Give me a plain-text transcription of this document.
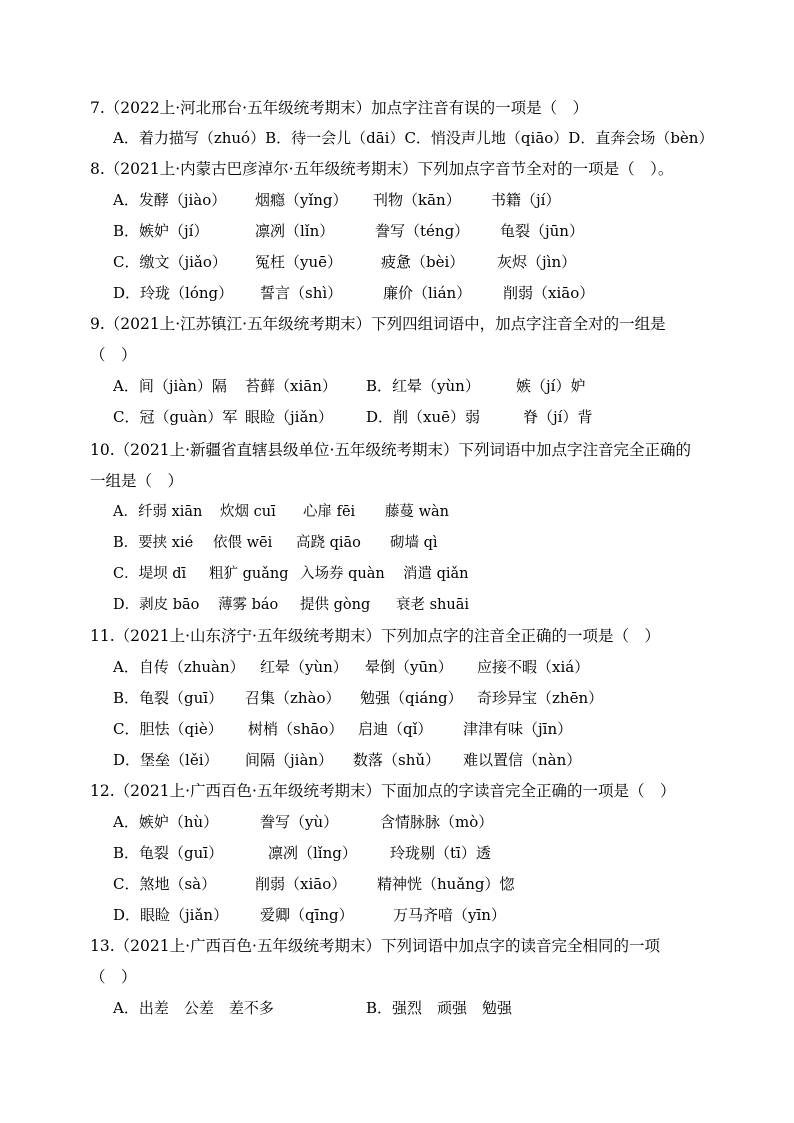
7.（2022上·河北邢台·五年级统考期末）加点字注音有误的一项是（　）
A．着力描写（zhuó）B．待一会儿（dāi）C．悄没声儿地（qiāo）D．直奔会场（bèn）
8.（2021上·内蒙古巴彦淖尔·五年级统考期末）下列加点字音节全对的一项是（　）。
A．发酵（jiào） 烟瘾（yǐng） 刊物（kān） 书籍（jí）
B．嫉妒（jí）	凛冽（lǐn）	誊写（téng） 龟裂（jūn）
C．缴文（jiǎo） 冤枉（yuē）	疲惫（bèi） 灰烬（jìn）
D．玲珑（lóng） 誓言（shì）	廉价（lián） 削弱（xiāo）
9.（2021上·江苏镇江·五年级统考期末）下列四组词语中，加点字注音全对的一组是
（　）
A．间（jiàn）隔 苔藓（xiān） B．红晕（yùn） 嫉（jí）妒
C．冠（guàn）军 眼睑（jiǎn） D．削（xuē）弱	脊（jí）背
10.（2021上·新疆省直辖县级单位·五年级统考期末）下列词语中加点字注音完全正确的
一组是（　）
A．纤弱 xiān 炊烟 cuī 心扉 fēi 藤蔓 wàn
B．要挟 xié 依偎 wēi 高跷 qiāo 砌墙 qì
C．堤坝 dī 粗犷 guǎng 入场券 quàn 消遣 qiǎn
D．剥皮 bāo 薄雾 báo 提供 gòng 衰老 shuāi
11.（2021上·山东济宁·五年级统考期末）下列加点字的注音全正确的一项是（　）
A．自传（zhuàn） 红晕（yùn） 晕倒（yūn） 应接不暇（xiá）
B．龟裂（guī） 召集（zhào） 勉强（qiáng） 奇珍异宝（zhēn）
C．胆怯（qiè） 树梢（shāo） 启迪（qǐ） 津津有味（jīn）
D．堡垒（lěi） 间隔（jiàn） 数落（shǔ） 难以置信（nàn）
12.（2021上·广西百色·五年级统考期末）下面加点的字读音完全正确的一项是（　）
A．嫉妒（hù）	誊写（yù）	含情脉脉（mò）
B．龟裂（guī）	凛冽（lǐng） 玲珑剔（tī）透
C．煞地（sà）	削弱（xiāo） 精神恍（huǎng）惚
D．眼睑（jiǎn） 爱卿（qīng）	万马齐喑（yīn）
13.（2021上·广西百色·五年级统考期末）下列词语中加点字的读音完全相同的一项
（　）
A．出差　公差　差不多	B．强烈　顽强　勉强
